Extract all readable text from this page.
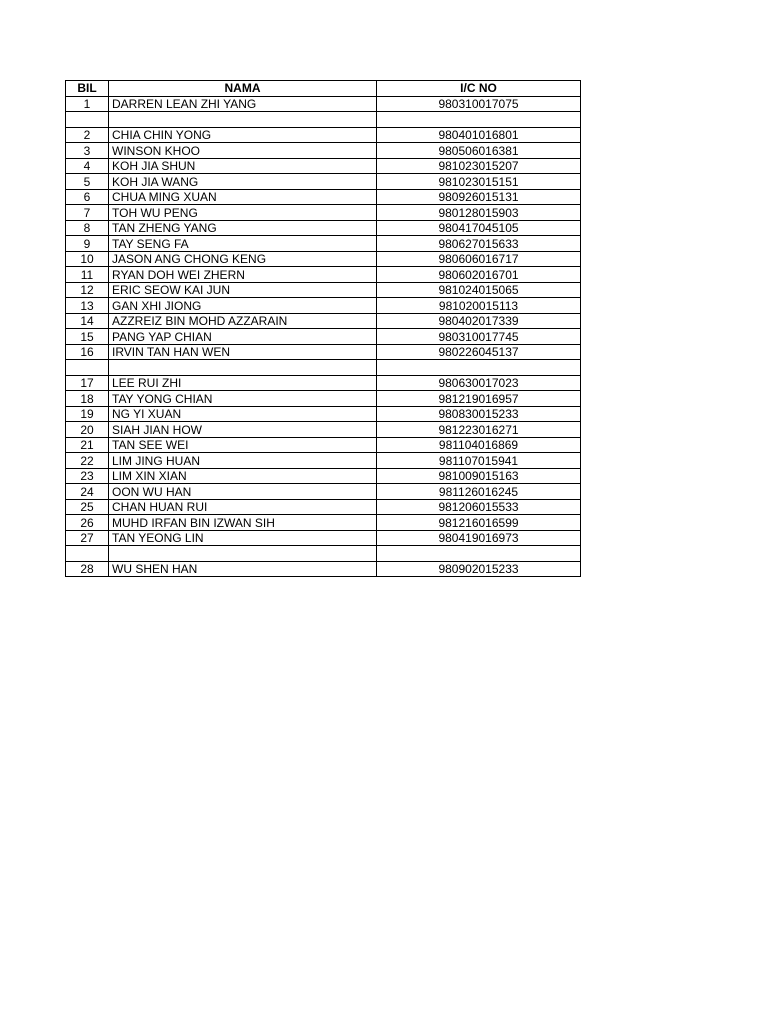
BIL	NAMA	I/C NO
1	DARREN LEAN ZHI YANG	980310017075

2	CHIA CHIN YONG	980401016801
3	WINSON KHOO	980506016381
4	KOH JIA SHUN	981023015207
5	KOH JIA WANG	981023015151
6	CHUA MING XUAN	980926015131
7	TOH WU PENG	980128015903
8	TAN ZHENG YANG	980417045105
9	TAY SENG FA	980627015633
10	JASON ANG CHONG KENG	980606016717
11	RYAN DOH WEI ZHERN	980602016701
12	ERIC SEOW KAI JUN	981024015065
13	GAN XHI JIONG	981020015113
14	AZZREIZ BIN MOHD AZZARAIN	980402017339
15	PANG YAP CHIAN	980310017745
16	IRVIN TAN HAN WEN	980226045137

17	LEE RUI ZHI	980630017023
18	TAY YONG CHIAN	981219016957
19	NG YI XUAN	980830015233
20	SIAH JIAN HOW	981223016271
21	TAN SEE WEI	981104016869
22	LIM JING HUAN	981107015941
23	LIM XIN XIAN	981009015163
24	OON WU HAN	981126016245
25	CHAN HUAN RUI	981206015533
26	MUHD IRFAN BIN IZWAN SIH	981216016599
27	TAN YEONG LIN	980419016973

28	WU SHEN HAN	980902015233
